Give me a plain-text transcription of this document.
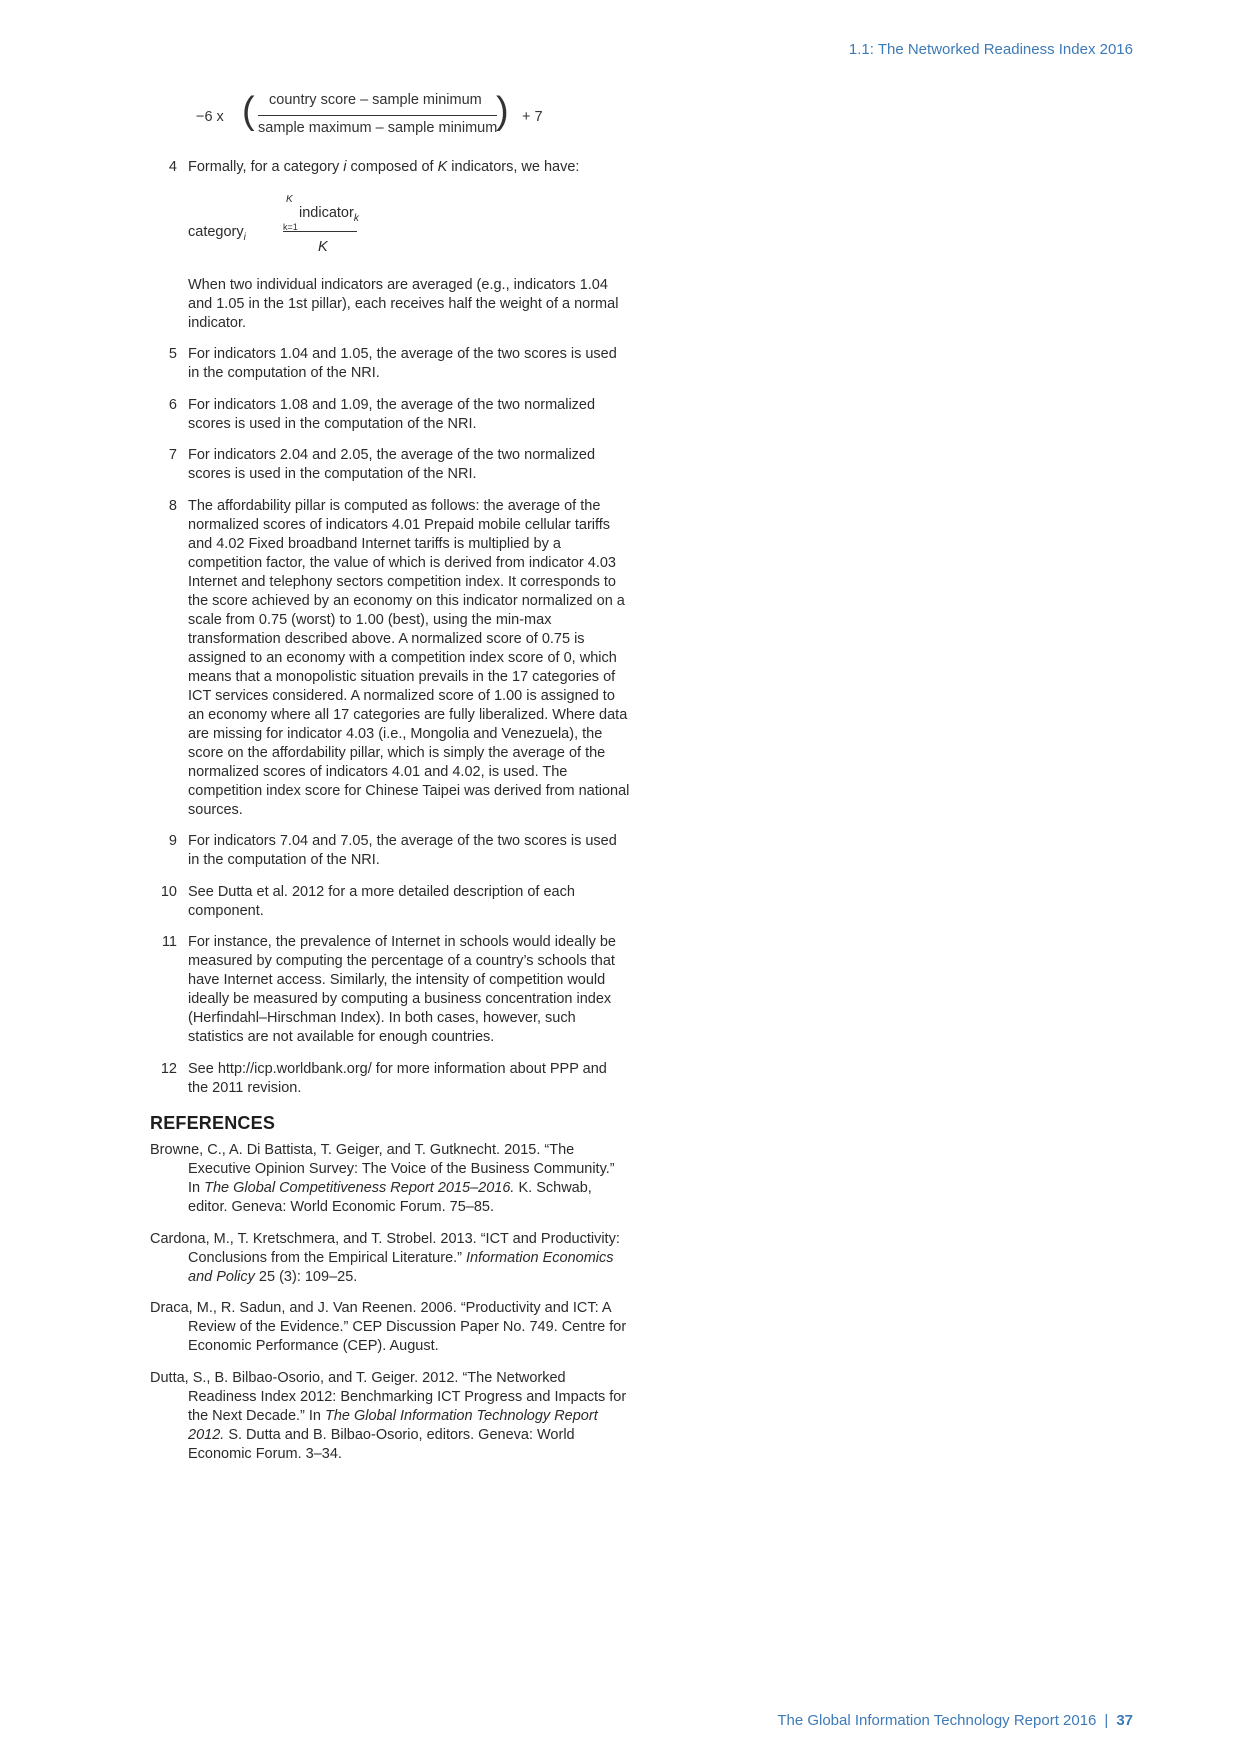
1.1: The Networked Readiness Index 2016
−6 x ( country score – sample minimum
sample maximum – sample minimum
) + 7
4 Formally, for a category i composed of K indicators, we have:
category$_i$
K
indicator$_k$
k=1
K
When two individual indicators are averaged (e.g., indicators 1.04 and 1.05 in the 1st pillar), each receives half the weight of a normal indicator.
5 For indicators 1.04 and 1.05, the average of the two scores is used in the computation of the NRI.
6 For indicators 1.08 and 1.09, the average of the two normalized scores is used in the computation of the NRI.
7 For indicators 2.04 and 2.05, the average of the two normalized scores is used in the computation of the NRI.
8 The affordability pillar is computed as follows: the average of the normalized scores of indicators 4.01 Prepaid mobile cellular tariffs and 4.02 Fixed broadband Internet tariffs is multiplied by a competition factor, the value of which is derived from indicator 4.03 Internet and telephony sectors competition index. It corresponds to the score achieved by an economy on this indicator normalized on a scale from 0.75 (worst) to 1.00 (best), using the min-max transformation described above. A normalized score of 0.75 is assigned to an economy with a competition index score of 0, which means that a monopolistic situation prevails in the 17 categories of ICT services considered. A normalized score of 1.00 is assigned to an economy where all 17 categories are fully liberalized. Where data are missing for indicator 4.03 (i.e., Mongolia and Venezuela), the score on the affordability pillar, which is simply the average of the normalized scores of indicators 4.01 and 4.02, is used. The competition index score for Chinese Taipei was derived from national sources.
9 For indicators 7.04 and 7.05, the average of the two scores is used in the computation of the NRI.
10 See Dutta et al. 2012 for a more detailed description of each component.
11 For instance, the prevalence of Internet in schools would ideally be measured by computing the percentage of a country’s schools that have Internet access. Similarly, the intensity of competition would ideally be measured by computing a business concentration index (Herfindahl–Hirschman Index). In both cases, however, such statistics are not available for enough countries.
12 See http://icp.worldbank.org/ for more information about PPP and the 2011 revision.
REFERENCES
Browne, C., A. Di Battista, T. Geiger, and T. Gutknecht. 2015. “The Executive Opinion Survey: The Voice of the Business Community.” In The Global Competitiveness Report 2015–2016. K. Schwab, editor. Geneva: World Economic Forum. 75–85.
Cardona, M., T. Kretschmera, and T. Strobel. 2013. “ICT and Productivity: Conclusions from the Empirical Literature.” Information Economics and Policy 25 (3): 109–25.
Draca, M., R. Sadun, and J. Van Reenen. 2006. “Productivity and ICT: A Review of the Evidence.” CEP Discussion Paper No. 749. Centre for Economic Performance (CEP). August.
Dutta, S., B. Bilbao-Osorio, and T. Geiger. 2012. “The Networked Readiness Index 2012: Benchmarking ICT Progress and Impacts for the Next Decade.” In The Global Information Technology Report 2012. S. Dutta and B. Bilbao-Osorio, editors. Geneva: World Economic Forum. 3–34.
The Global Information Technology Report 2016 | 37
